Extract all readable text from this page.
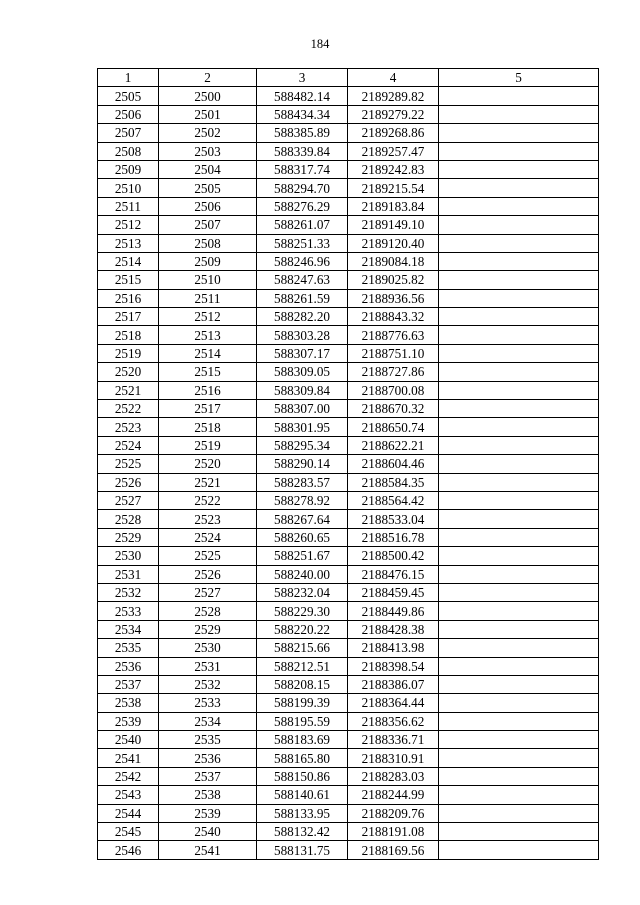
184
1	2	3	4	5
2505	2500	588482.14	2189289.82	
2506	2501	588434.34	2189279.22	
2507	2502	588385.89	2189268.86	
2508	2503	588339.84	2189257.47	
2509	2504	588317.74	2189242.83	
2510	2505	588294.70	2189215.54	
2511	2506	588276.29	2189183.84	
2512	2507	588261.07	2189149.10	
2513	2508	588251.33	2189120.40	
2514	2509	588246.96	2189084.18	
2515	2510	588247.63	2189025.82	
2516	2511	588261.59	2188936.56	
2517	2512	588282.20	2188843.32	
2518	2513	588303.28	2188776.63	
2519	2514	588307.17	2188751.10	
2520	2515	588309.05	2188727.86	
2521	2516	588309.84	2188700.08	
2522	2517	588307.00	2188670.32	
2523	2518	588301.95	2188650.74	
2524	2519	588295.34	2188622.21	
2525	2520	588290.14	2188604.46	
2526	2521	588283.57	2188584.35	
2527	2522	588278.92	2188564.42	
2528	2523	588267.64	2188533.04	
2529	2524	588260.65	2188516.78	
2530	2525	588251.67	2188500.42	
2531	2526	588240.00	2188476.15	
2532	2527	588232.04	2188459.45	
2533	2528	588229.30	2188449.86	
2534	2529	588220.22	2188428.38	
2535	2530	588215.66	2188413.98	
2536	2531	588212.51	2188398.54	
2537	2532	588208.15	2188386.07	
2538	2533	588199.39	2188364.44	
2539	2534	588195.59	2188356.62	
2540	2535	588183.69	2188336.71	
2541	2536	588165.80	2188310.91	
2542	2537	588150.86	2188283.03	
2543	2538	588140.61	2188244.99	
2544	2539	588133.95	2188209.76	
2545	2540	588132.42	2188191.08	
2546	2541	588131.75	2188169.56	
